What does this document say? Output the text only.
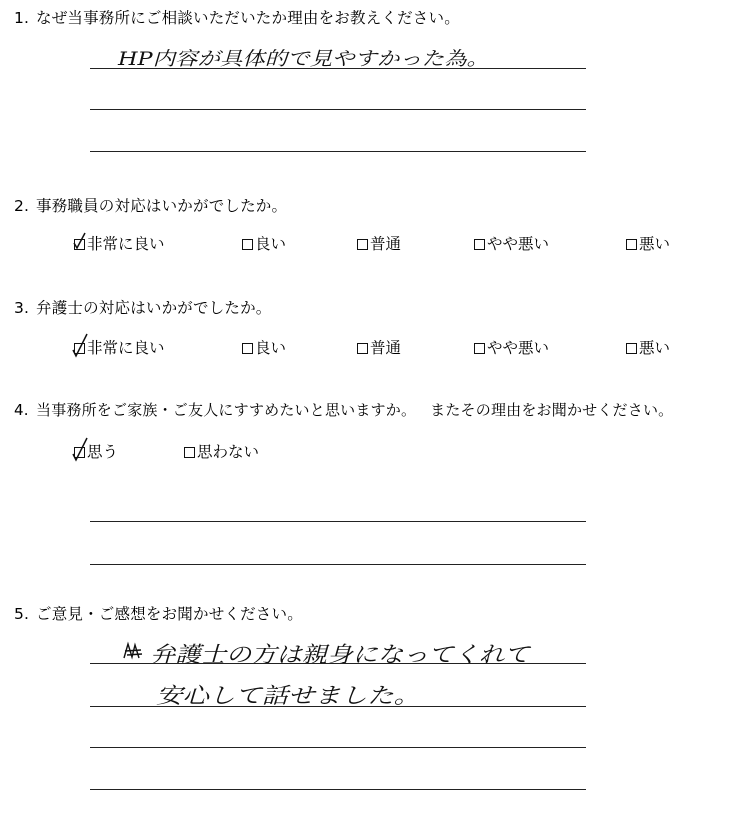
1. なぜ当事務所にご相談いただいたか理由をお教えください。
HP内容が具体的で見やすかった為。
2. 事務職員の対応はいかがでしたか。
非常に良い	良い	普通	やや悪い	悪い
3. 弁護士の対応はいかがでしたか。
非常に良い	良い	普通	やや悪い	悪い
4. 当事務所をご家族・ご友人にすすめたいと思いますか。 またその理由をお聞かせください。
思う	思わない
5. ご意見・ご感想をお聞かせください。
弁護士の方は親身になってくれて
安心して話せました。
